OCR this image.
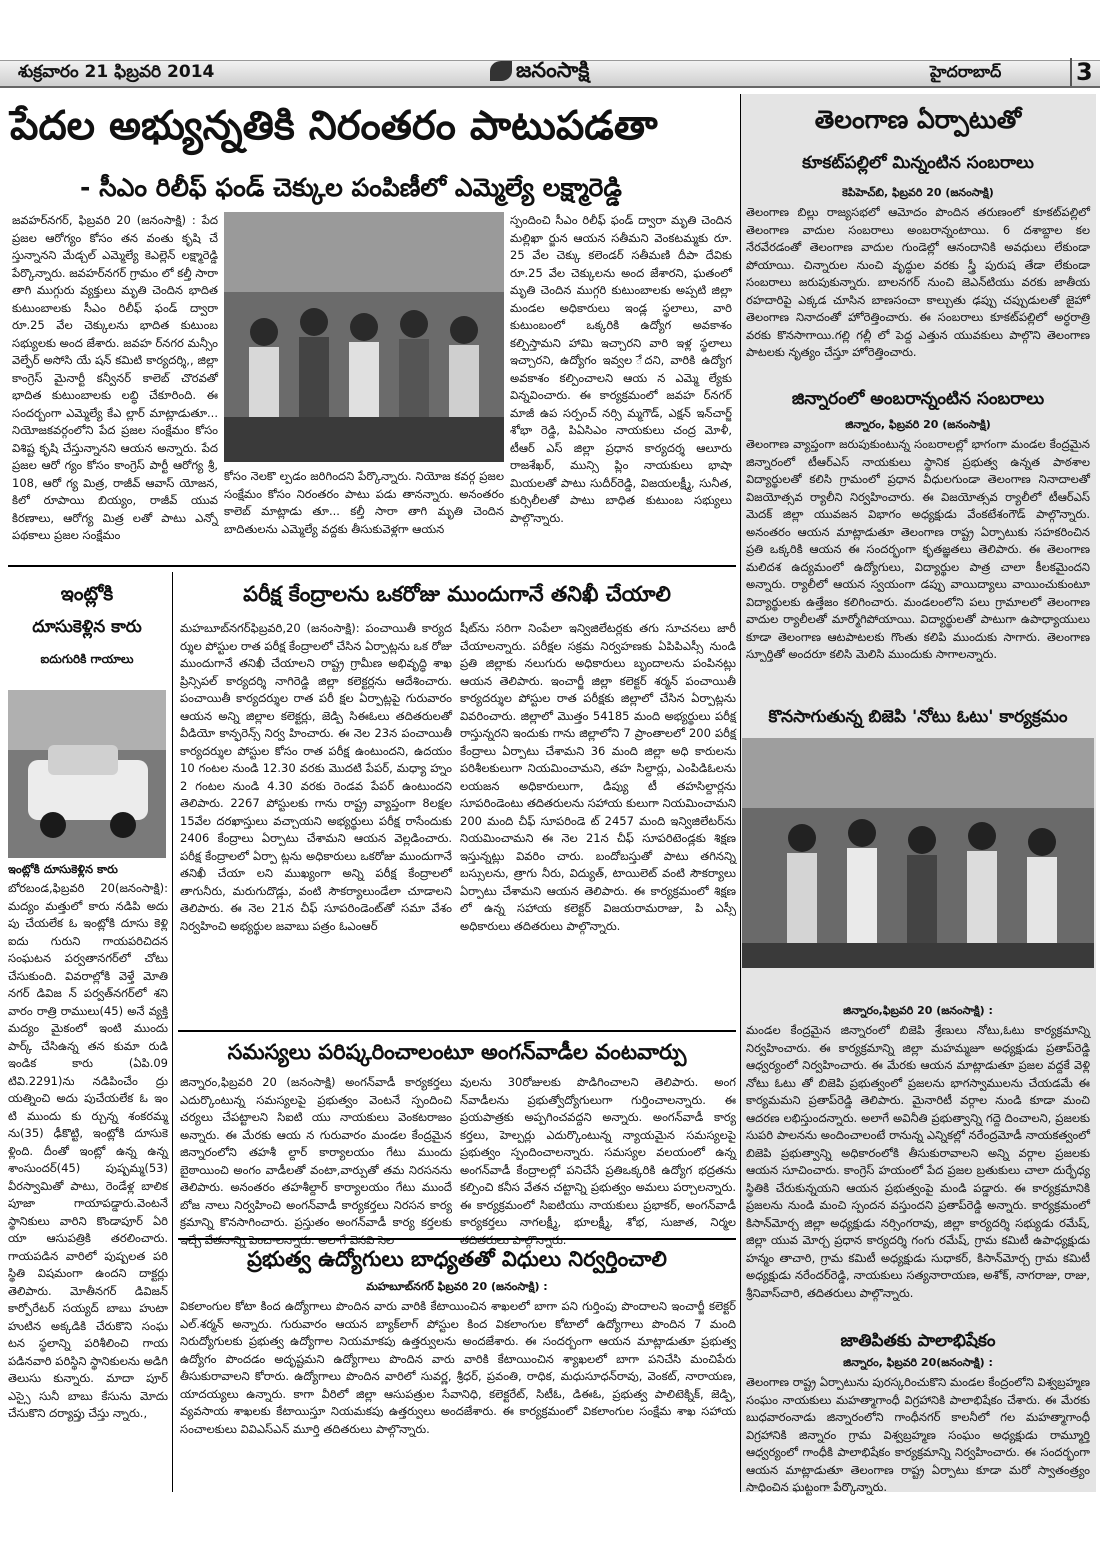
శుక్రవారం 21 ఫిబ్రవరి 2014	జనంసాక్షి	హైదరాబాద్	3
పేదల అభ్యున్నతికి నిరంతరం పాటుపడతా
- సీఎం రిలీఫ్ ఫండ్ చెక్కుల పంపిణీలో ఎమ్మెల్యే లక్ష్మారెడ్డి

జవహర్‌నగర్, ఫిబ్రవరి 20 (జనంసాక్షి) : పేద ప్రజల ఆరోగ్యం కోసం తన వంతు కృషి చే స్తున్నానని మేడ్చల్ ఎమ్మెల్యే కెఎల్లెన్ లక్ష్మారెడ్డి పేర్కొన్నారు. జవహర్‌నగర్ గ్రామం లో కల్తీ సారా తాగి ముగ్గురు వ్యక్తులు మృతి చెందిన భాదిత కుటుంబాలకు సీఎం రిలీఫ్ ఫండ్ ద్వారా రూ.25 వేల చెక్కులను భాదిత కుటుంబ సభ్యులకు అంద జేశారు. జవహ ర్‌నగర మన్సీం వెల్ఫేర్ అసోసి యే షన్ కమిటి కార్యదర్శి,, జిల్లా కాంగ్రెస్ మైనార్టీ కన్వీనర్ కాలెబ్ చొరవతో భాదిత కుటుంబాలకు లబ్ధి చేకూరింది. ఈ సందర్బంగా ఎమ్మెల్యే కేఎ ల్లార్ మాట్లాడుతూ... నియోజకవర్గంలోని పేద ప్రజల సంక్షేమం కోసం విశిష్ట కృషి చేస్తున్నానని ఆయన అన్నారు. పేద ప్రజల ఆరో గ్యం కోసం కాంగ్రెస్ పార్టీ ఆరోగ్య శ్రీ, 108, ఆరో గ్య మిత్ర, రాజీవ్ ఆవాస్ యోజన, కిలో రూపాయి బియ్యం, రాజీవ్ యువ కిరణాలు, ఆరోగ్య మిత్ర లతో పాటు ఎన్నో పథకాలు ప్రజల సంక్షేమం

స్పందించి సీఎం రిలీఫ్ ఫండ్ ద్వారా మృతి చెందిన మల్లిఖా ర్జున ఆయన సతీమని వెంకటమ్మకు రూ. 25 వేల చెక్కు కలెండర్ సతీమణి దీపా దేవికు రూ.25 వేల చెక్కులను అంద జేశారని, ఘతంలో మృతి చెందిన ముగ్గరి కుటుంబాలకు అప్పటి జిల్లా మండల అధికారులు ఇండ్ల స్థలాలు, వారి కుటుంబంలో ఒక్కరికి ఉద్యోగ అవకాశం కల్పిస్తామని హామి ఇచ్చారని వారి ఇళ్ల స్థలాలు ఇచ్చారని, ఉద్యోగం ఇవ్వల ేదని, వారికి ఉద్యోగ అవకాశం కల్పించాలని ఆయ న ఎమ్మె ల్యేకు విన్నవించారు. ఈ కార్యక్రమంలో జవహ ర్‌నగర్ మాజీ ఉప సర్పంచ్ నర్సి మ్మగౌడ్, ఎక్షన్ ఇన్‌చార్జ్ శోభా రెడ్డి, పిఏసిఎం నాయకులు చంద్ర మోళీ, టీఆర్ ఎస్ జిల్లా ప్రధాన కార్యదర్శ ఆలూరు రాజశేఖర్, మున్సి ప్లిం నాయకులు భాషా మియలతో పాటు సుదీర్‌రెడ్డి, విజయలక్ష్మీ, సునీత, కుర్సిలీలతో పాటు బాధిత కుటుంబ సభ్యులు పాల్గొన్నారు.

కోసం నెలకొ ల్పడం జరిగిందని పేర్కొన్నారు. నియోజ కవర్గ ప్రజల సంక్షేమం కోసం నిరంతరం పాటు పడు తానన్నారు. అనంతరం కాలెబ్ మాట్లాడు తూ... కల్తీ సారా తాగి మృతి చెందిన బాదితులను ఎమ్మెల్యే వద్దకు తీసుకువెళ్లగా ఆయన

ఇంట్లోకి
దూసుకెళ్లిన కారు
ఐదుగురికి గాయాలు
ఇంట్లోకి దూసుకెళ్లిన కారు

బోరబండ,ఫిబ్రవరి 20(జనంసాక్షి): మద్యం మత్తులో కారు నడిపి అదు పు చేయలేక ఓ ఇంట్లోకి దూసు కెళ్లి ఐదు గురుని గాయపరిచిదన సంఘటన పర్వతానగర్‌లో చోటు చేసుకుంది. వివరాల్లోకి వెళ్తే మోతి నగర్ డివిజ న్ పర్వత్‌నగర్‌లో శని వారం రాత్రి రాములు(45) అనే వ్యక్తి మద్యం మైకంలో ఇంటి ముందు పార్క్ చేసిఉన్న తన కుమా రుడి ఇండిక కారు (ఏపి.09 టివి.2291)ను నడిపించేం ద్రు యత్నించి అదు పుచేయలేక ఓ ఇం టి ముందు కు ర్చున్న శంకరమ్మ ను(35) ఢీకొట్టి, ఇంట్లోకి దూసుకె ళ్లింది. దీంతో ఇంట్లో ఉన్న ఉన్న శాంసుందర్(45) పుష్పమ్మ(53) వీరస్వామితో పాటు, రెండేళ్ల బాలిక పూజా గాయాపడ్డారు.వెంటనే స్థానికులు వారిని కొండాపూర్ ఏరి యా ఆసుపత్రికి తరలించారు. గాయపడిన వారిలో పుష్పలత పరి స్థితి విషమంగా ఉందని దాక్టర్లు తెలిపారు. మోతీనగర్ డివిజన్ కార్పోరేటర్ సయ్యద్ బాబు హుటా హుటిన అక్కడికి చేరుకొని సంఘ టన స్థలాన్ని పరిశీలించి గాయ పడినవారి పరిస్థిని స్థానికులను అడిగి తెలుసు కున్నారు. మాదా పూర్ ఎస్సై సునీ బాబు కేసును మోదు చేసుకొని దర్యాప్తు చేస్తు న్నారు.,

పరీక్ష కేంద్రాలను ఒకరోజు ముందుగానే తనిఖీ చేయాలి

మహబూబ్‌నగర్‌ఫిబ్రవరి,20 (జనంసాక్షి): పంచాయితీ కార్యద ర్శుల పోస్టుల రాత పరీక్ష కేంద్రాలలో చేసిన ఏర్పాట్లను ఒక రోజు ముందుగానే తనిఖీ చేయాలని రాష్ట్ర గ్రామీణ అభివృద్ధి శాఖ ప్రిన్సిపల్ కార్యదర్శి నాగిరెడ్డి జిల్లా కలెక్టర్లను ఆదేశించారు. పంచాయితీ కార్యదర్శుల రాత పరీ క్షల ఏర్పాట్లపై గురువారం ఆయన అన్ని జిల్లాల కలెక్టర్లు, జెడ్పి సిఈఓలు తదితరులతో వీడియో కాన్ఫరెన్స్ నిర్వ హించారు. ఈ నెల 23న పంచాయితీ కార్యదర్శుల పోస్టుల కోసం రాత పరీక్ష ఉంటుందని, ఉదయం 10 గంటల నుండి 12.30 వరకు మొదటి పేపర్, మధ్యా హ్నం 2 గంటల నుండి 4.30 వరకు రెండవ పేపర్ ఉంటుందని తెలిపారు. 2267 పోస్టులకు గాను రాష్ట్ర వ్యాప్తంగా 8లక్షల 15వేల దరఖాస్తులు వచ్చాయని అభ్యర్థులు పరీక్ష రాసేందుకు 2406 కేంద్రాలు ఏర్పాటు చేశామని ఆయన వెల్లడించారు. పరీక్ష కేంద్రాలలో ఏర్పా ట్లను అధికారులు ఒకరోజు ముందుగానే తనిఖీ చేయా లని ముఖ్యంగా అన్ని పరీక్ష కేంద్రాలలో తాగునీరు, మరుగుదొడ్లు, వంటి సౌకర్యాలుండేలా చూడాలని తెలిపారు. ఈ నెల 21న చీఫ్ సూపరిండెంట్‌తో సమా వేశం నిర్వహించి అభ్యర్థుల జవాబు పత్రం ఓఎంఆర్

షీట్‌ను సరిగా నింపేలా ఇన్విజిలేటర్లకు తగు సూచనలు జారీ చేయాలన్నారు. పరీక్షల సక్రమ నిర్వహణకు ఏపిపిఎస్సీ నుండి ప్రతి జిల్లాకు నలుగురు అధికారులు బృందాలను పంపినట్లు ఆయన తెలిపారు. ఇంచార్జీ జిల్లా కలెక్టర్ శర్మన్ పంచాయితీ కార్యదర్శుల పోస్టుల రాత పరీక్షకు జిల్లాలో చేసిన ఏర్పాట్లను వివరించారు. జిల్లాలో మొత్తం 54185 మంది అభ్యర్థులు పరీక్ష రాస్తున్నరని ఇందుకు గాను జిల్లాలోని 7 ప్రాంతాలలో 200 పరీక్ష కేంద్రాలు ఏర్పాటు చేశామని 36 మంది జిల్లా అధి కారులను పరిశీలకులుగా నియమించామని, తహ సిల్దార్లు, ఎంపిడిఓలను లయజన అధికారులుగా, డిప్యు టీ తహసిల్దార్లను సూపరిండెంటు తదితరులను సహాయ కులుగా నియమించామని 200 మంది చీఫ్ సూపరిండె ట్ 2457 మంది ఇన్విజిలేటర్‌ను నియమించామని ఈ నెల 21న చీఫ్ సూపరిటెండ్లకు శిక్షణ ఇస్తున్నట్లు వివరిం చారు. బందోబస్తుతో పాటు తగినన్ని బస్సులను, త్రాగు నీరు, విద్యుత్, టాయిలెట్ వంటి సౌకర్యాలు ఏర్పాటు చేశామని ఆయన తెలిపారు. ఈ కార్యక్రమంలో శిక్షణ లో ఉన్న సహాయ కలెక్టర్ విజయరామరాజు, పి ఎస్సీ అధికారులు తదితరులు పాల్గొన్నారు.

సమస్యలు పరిష్కరించాలంటూ అంగన్‌వాడీల వంటవార్పు

జిన్నారం,ఫిబ్రవరి 20 (జనంసాక్షి) అంగన్‌వాడీ కార్యకర్తలు ఎదుర్కొంటున్న సమస్యలపై ప్రభుత్వం వెంటనే స్పందించి చర్యలు చేపట్టాలని సిఐటి యు నాయకులు వెంకటరాజం అన్నారు. ఈ మేరకు ఆయ న గురువారం మండల కేంద్రమైన జిన్నారంలోని తహశీ ల్దార్ కార్యాలయం గేటు ముందు బైఠాయించి అంగం వాడీలతో వంటా,వార్పుతో తమ నిరసనను తెలిపారు. అనంతరం తహశీల్దార్ కార్యాలయం గేటు ముందే బోజ నాలు నిర్వహించి అంగన్‌వాడీ కార్యకర్తలు నిరసన కార్య క్రమాన్ని కొనసాగించారు. ప్రస్తుతం అంగన్‌వాడీ కార్య కర్తలకు

వులను 30రోజులకు పొడిగించాలని తెలిపారు. అంగ న్‌వాడీలను ప్రభుత్వోద్యోగులుగా గుర్తించాలన్నారు. ఈ ప్రయపాత్రకు అప్పగించవద్దని అన్నారు. అంగన్‌వాడీ కార్య కర్తలు, హెల్పర్లు ఎదుర్కొంటున్న న్యాయమైన సమస్యలపై ప్రభుత్వం స్పందించాలన్నారు. సమస్యల వలయంలో ఉన్న అంగన్‌వాడీ కేంద్రాలల్లో పనిచేసే ప్రతిఒక్కరికి ఉద్యోగ భద్రతను కల్పించి కనీస వేతన చట్టాన్ని ప్రభుత్వం అమలు పర్చాలన్నారు. ఈ కార్యక్రమంలో సిఐటియు నాయకులు ప్రభాకర్, అంగన్‌వాడీ కార్యకర్తలు నాగలక్ష్మీ, భూలక్ష్మీ, శోభ, సుజాత, నిర్మల

ప్రభుత్వ ఉద్యోగులు బాధ్యతతో విధులు నిర్వర్తించాలి
మహబూబ్‌నగర్ ఫిబ్రవరి 20 (జనంసాక్షి) :

వికలాంగుల కోటా కింద ఉద్యోగాలు పొందిన వారు వారికి కేటాయించిన శాఖలలో బాగా పని గుర్తింపు పొందాలని ఇంచార్జీ కలెక్టర్ ఎల్.శర్మన్ అన్నారు. గురువారం ఆయన బ్యాక్‌లాగ్ పోస్టుల కింద వికలాంగుల కోటాలో ఉద్యోగాలు పొందిన 7 మంది నిరుద్యోగులకు ప్రభుత్వ ఉద్యోగాల నియమాకపు ఉత్తర్వులను అందజేశారు. ఈ సందర్బంగా ఆయన మాట్లాడుతూ ప్రభుత్వ ఉద్యోగం పొందడం అదృష్టమని ఉద్యోగాలు పొందిన వారు వారికి కేటాయించిన శ్యాఖలలో బాగా పనిచేసి మంచిపేరు తీసుకురావాలని కోరారు. ఉద్యోగాలు పొందిన వారిలో సువర్ణ, శ్రీధర్, ప్రవంతి, రాధిక, మధుసూధన్‌రావు, వెంకట్, నారాయణ, యాదయ్యలు ఉన్నారు. కాగా వీరిలో జిల్లా ఆసుపత్రుల సేవానిధి, కలెక్టరేట్, సిటీఓ, డిఈఓ, ప్రభుత్వ పాలిటెక్నిక్, జెడ్పి, వ్యవసాయ శాఖలకు కేటాయిస్తూ నియమకపు ఉత్తర్వులు అందజేశారు. ఈ కార్యక్రమంలో వికలాంగుల సంక్షేమ శాఖ సహాయ సంచాలకులు వివిఎస్ఎన్ మూర్తి తదితరులు పాల్గొన్నారు.

తెలంగాణ ఏర్పాటుతో
కూకట్‌పల్లిలో మిన్నంటిన సంబరాలు
కెపిహెచ్‌బి, ఫిబ్రవరి 20 (జనంసాక్షి)

తెలంగాణ బిల్లు రాజ్యసభలో ఆమోదం పొందిన తరుణంలో కూకట్‌పల్లిలో తెలంగాణ వాదుల సంబరాలు అంబరాన్నంటాయి. 6 దశాబ్దాల కల నేరవేరడంతో తెలంగాణ వాదుల గుండెల్లో ఆనందానికి అవధులు లేకుండా పోయాయి. చిన్నారుల నుంచి వృద్ధుల వరకు స్త్రీ పురుష తేడా లేకుండా సంబరాలు జరుపుకున్నారు. బాలనగర్ నుంచి జెఎన్‌టియు వరకు జాతీయ రహదారిపై ఎక్కడ చూసిన బాణసంచా కాల్చుతు ఢప్పు చప్పుడులతో జైహో తెలంగాణ నినాదంతో హోరెత్తించారు. ఈ సంబరాలు కూకట్‌పల్లిలో అర్ధరాత్రి వరకు కొనసాగాయి.గల్లి గల్లీ లో పెద్ద ఎత్తున యువకులు పాల్గొని తెలంగాణ పాటలకు నృత్యం చేస్తూ హోరెత్తించారు.

జిన్నారంలో అంబరాన్నంటిన సంబరాలు
జిన్నారం, ఫిబ్రవరి 20 (జనంసాక్షి)

తెలంగాణ వ్యాప్తంగా జరుపుకుంటున్న సంబరాలల్లో భాగంగా మండల కేంద్రమైన జిన్నారంలో టీఆర్ఎస్ నాయకులు స్థానిక ప్రభుత్వ ఉన్నత పాఠశాల విద్యార్థులతో కలిసి గ్రామంలో ప్రధాన వీధులగుండా తెలంగాణ నినాదాలతో విజయోత్సవ ర్యాలీని నిర్వహించారు. ఈ విజయోత్సవ ర్యాలీలో టీఆర్ఎస్ మెదక్ జిల్లా యువజన విభాగం అధ్యక్షుడు వేంకటేశంగౌడ్ పాల్గొన్నారు. అనంతరం ఆయన మాట్లాడుతూ తెలంగాణ రాష్ట్ర ఏర్పాటుకు సహకరించిన ప్రతి ఒక్కరికి ఆయన ఈ సందర్భంగా కృతజ్ఞతలు తెలిపారు. ఈ తెలంగాణ మలిదశ ఉద్యమంలో ఉద్యోగులు, విద్యార్థుల పాత్ర చాలా కీలకమైందని అన్నారు. ర్యాలీలో ఆయన స్వయంగా డప్పు వాయిద్యాలు వాయించుకుంటూ విద్యార్థులకు ఉత్తేజం కలిగించారు. మండలంలోని పలు గ్రామాలలో తెలంగాణ వాదుల ర్యాలీలతో మార్మోగిపోయాయి. విద్యార్థులతో పాటుగా ఉపాధ్యాయులు కూడా తెలంగాణ ఆటపాటలకు గొంతు కలిపి ముందుకు సాగారు. తెలంగాణ స్పూర్తితో అందరూ కలిసి మెలిసి ముందుకు సాగాలన్నారు.

కొనసాగుతున్న బిజెపి 'నోటు ఓటు' కార్యక్రమం
జిన్నారం,ఫిబ్రవరి 20 (జనంసాక్షి) :

మండల కేంద్రమైన జిన్నారంలో బిజెపి శ్రేణులు నోటు,ఓటు కార్యక్రమాన్ని నిర్వహించారు. ఈ కార్యక్రమాన్ని జిల్లా మహమ్మజూ అధ్యక్షుడు ప్రతాప్‌రెడ్డి ఆధ్వర్యంలో నిర్వహించారు. ఈ మేరకు ఆయన మాట్లాడుతూ ప్రజల వద్దకే వెళ్లి నోటు ఓటు తో బిజెపి ప్రభుత్వంలో ప్రజలను భాగస్వాములను చేయడమే ఈ కార్యమమని ప్రతాప్‌రెడ్డి తెలిపారు. మైనారిటీ వర్గాల నుండి కూడా మంచి ఆదరణ లభిస్తుందన్నారు. అలాగే అవినీతి ప్రభుత్వాన్ని గద్దె దించాలని, ప్రజలకు సుపరి పాలనను అందించాలంటే రానున్న ఎన్నికల్లో నరేంద్రమోడీ నాయకత్వంలో బిజెపి ప్రభుత్వాన్ని అధికారంలోకి తీసుకురావాలని అన్ని వర్గాల ప్రజలకు ఆయన సూచించారు. కాంగ్రెస్ హయంలో పేద ప్రజల బ్రతుకులు చాలా దుర్భేధ్య స్థితికి చేరుకున్నయని ఆయన ప్రభుత్వంపై మండి పడ్డారు. ఈ కార్యక్రమానికి ప్రజలను నుండి మంచి స్పందన వస్తుందని ప్రతాప్‌రెడ్డి అన్నారు. కార్యక్రమంలో కిసాన్‌మోర్చ జిల్లా అధ్యక్షుడు నర్సింగరావు, జిల్లా కార్యదర్శి సభ్యుడు రమేష్, జిల్లా యువ మోర్చ ప్రధాన కార్యదర్శి గంగు రమేష్, గ్రామ కమిటీ ఉపాధ్యక్షుడు హన్మం తాచారి, గ్రామ కమిటీ అధ్యక్షుడు సుధాకర్, కిసాన్‌మోర్చ గ్రామ కమిటీ అధ్యక్షుడు నరేందర్‌రెడ్డి, నాయకులు సత్యనారాయణ, అశోక్, నాగరాజు, రాజు, శ్రీనివాస్‌చారి, తదితరులు పాల్గొన్నారు.

జాతిపితకు పాలాభిషేకం
జిన్నారం, ఫిబ్రవరి 20(జనంసాక్షి) :

తెలంగాణ రాష్ట్ర ఏర్పాటును పురస్కరించుకొని మండల కేంద్రంలోని విశ్వబ్రహ్మణ సంఘం నాయకులు మహత్మాగాంధీ విగ్రహానికి పాలాభిషేకం చేశారు. ఈ మేరకు బుధవారంనాడు జిన్నారంలోని గాంధీనగర్ కాలనీలో గల మహత్మాగాంధీ విగ్రహానికి జిన్నారం గ్రామ విశ్వబ్రహ్మణ సంఘం అధ్యక్షుడు రామ్మూర్తి ఆధ్వర్యంలో గాంధీకి పాలాభిషేకం కార్యక్రమాన్ని నిర్వహించారు. ఈ సందర్భంగా ఆయన మాట్లాడుతూ తెలంగాణ రాష్ట్ర ఏర్పాటు కూడా మరో స్వాతంత్ర్యం సాధించిన ఘట్టంగా పేర్కొన్నారు.
